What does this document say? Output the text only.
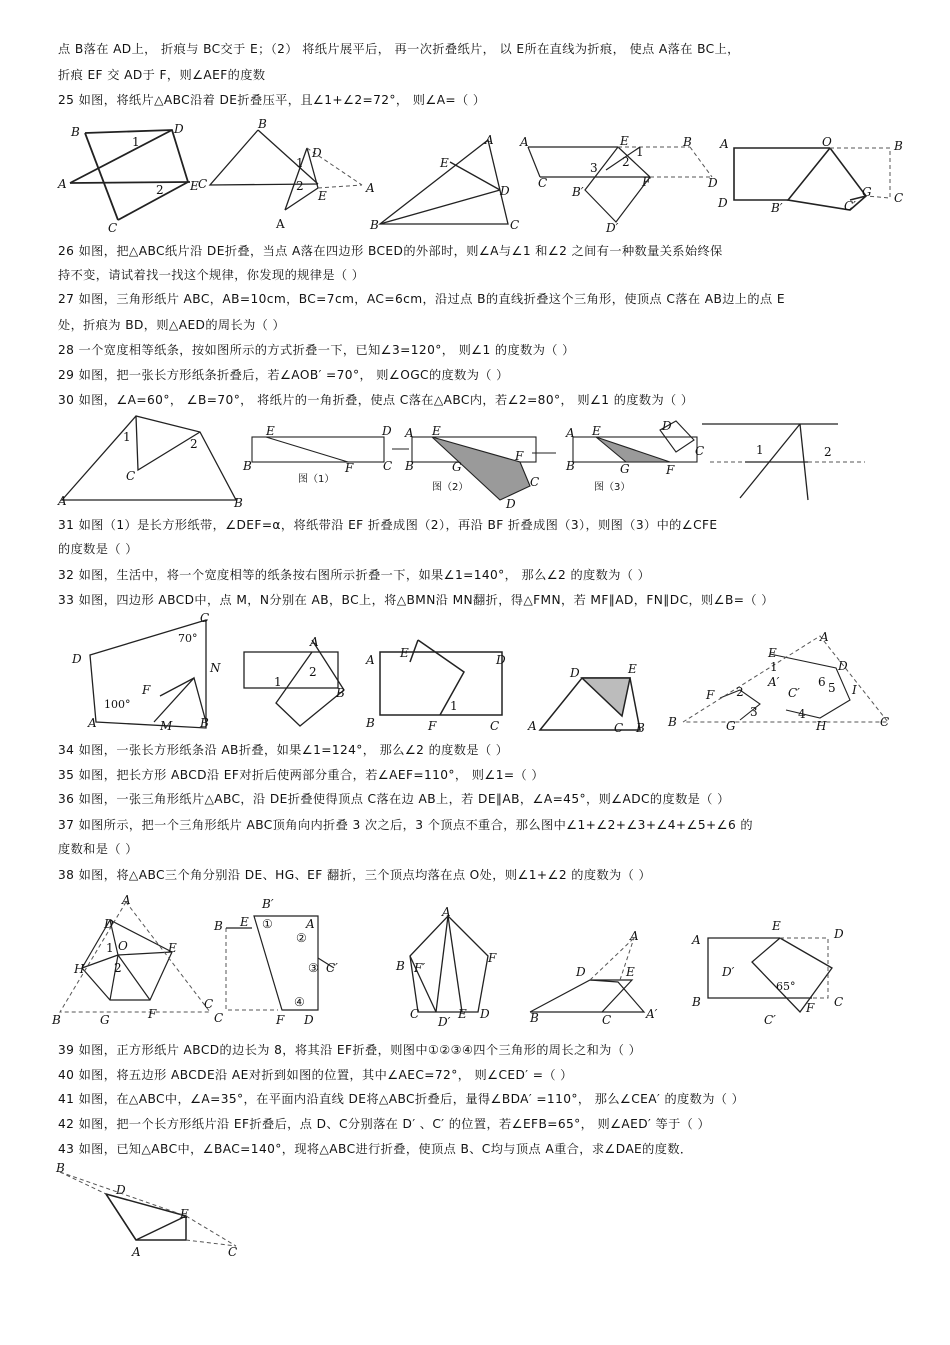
点 B落在 AD上， 折痕与 BC交于 E；（2） 将纸片展平后， 再一次折叠纸片， 以 E所在直线为折痕， 使点 A落在 BC上，
折痕 EF 交 AD于 F，则∠AEF的度数
25 如图，将纸片△ABC沿着 DE折叠压平，且∠1+∠2=72°， 则∠A=（ ）
26 如图，把△ABC纸片沿 DE折叠，当点 A落在四边形 BCED的外部时，则∠A与∠1 和∠2 之间有一种数量关系始终保
持不变，请试着找一找这个规律，你发现的规律是（ ）
27 如图，三角形纸片 ABC，AB=10cm，BC=7cm，AC=6cm，沿过点 B的直线折叠这个三角形，使顶点 C落在 AB边上的点 E
处，折痕为 BD，则△AED的周长为（ ）
28 一个宽度相等纸条，按如图所示的方式折叠一下，已知∠3=120°， 则∠1 的度数为（ ）
29 如图，把一张长方形纸条折叠后，若∠AOB′ =70°， 则∠OGC的度数为（ ）
30 如图，∠A=60°， ∠B=70°， 将纸片的一角折叠，使点 C落在△ABC内，若∠2=80°， 则∠1 的度数为（ ）
31 如图（1）是长方形纸带，∠DEF=α，将纸带沿 EF 折叠成图（2），再沿 BF 折叠成图（3），则图（3）中的∠CFE
的度数是（ ）
32 如图，生活中，将一个宽度相等的纸条按右图所示折叠一下，如果∠1=140°， 那么∠2 的度数为（ ）
33 如图，四边形 ABCD中，点 M，N分别在 AB，BC上，将△BMN沿 MN翻折，得△FMN，若 MF∥AD，FN∥DC，则∠B=（ ）
34 如图，一张长方形纸条沿 AB折叠，如果∠1=124°， 那么∠2 的度数是（ ）
35 如图，把长方形 ABCD沿 EF对折后使两部分重合，若∠AEF=110°， 则∠1=（ ）
36 如图，一张三角形纸片△ABC，沿 DE折叠使得顶点 C落在边 AB上，若 DE∥AB，∠A=45°，则∠ADC的度数是（ ）
37 如图所示，把一个三角形纸片 ABC顶角向内折叠 3 次之后，3 个顶点不重合，那么图中∠1+∠2+∠3+∠4+∠5+∠6 的
度数和是（ ）
38 如图，将△ABC三个角分别沿 DE、HG、EF 翻折，三个顶点均落在点 O处，则∠1+∠2 的度数为（ ）
39 如图，正方形纸片 ABCD的边长为 8，将其沿 EF折叠，则图中①②③④四个三角形的周长之和为（ ）
40 如图，将五边形 ABCDE沿 AE对折到如图的位置，其中∠AEC=72°， 则∠CED′ =（ ）
41 如图，在△ABC中，∠A=35°，在平面内沿直线 DE将△ABC折叠后，量得∠BDA′ =110°， 那么∠CEA′ 的度数为（ ）
42 如图，把一个长方形纸片沿 EF折叠后，点 D、C分别落在 D′ 、C′ 的位置，若∠EFB=65°， 则∠AED′ 等于（ ）
43 如图，已知△ABC中，∠BAC=140°，现将△ABC进行折叠，使顶点 B、C均与顶点 A重合，求∠DAE的度数．
B	D
A
C
E
1
2
B
C
D
A
E
A
1
2
A
E
D
B	C
A	E	B
C	F	D
B′
D′
3 2
1
A	O	B
D	B′
G C
C′
1	2
C
A	B
E	D
B	F C
A E
B	G
F
C
D
A E
B	G	F
D
C	1	2
C
D
N
F
A	M B
A
1
2
B
A E	D
B	F
1
C
D	E
A	C B
A
E
D
1
6 5
A′
C′	I
F 2
3
G
4
H
B	C
A
D
E
1 O
2
H
B	G	F
C
B′
B E	A
①
②
③ C′
④
C	F D
A
B F′
F
C
D′
E D
A
D	E
B	C	A′
A
E
D
D′
B	F C
C′
B
D
E
A	C
图（1）
图（2）	图（3）
70°
100°
65°
